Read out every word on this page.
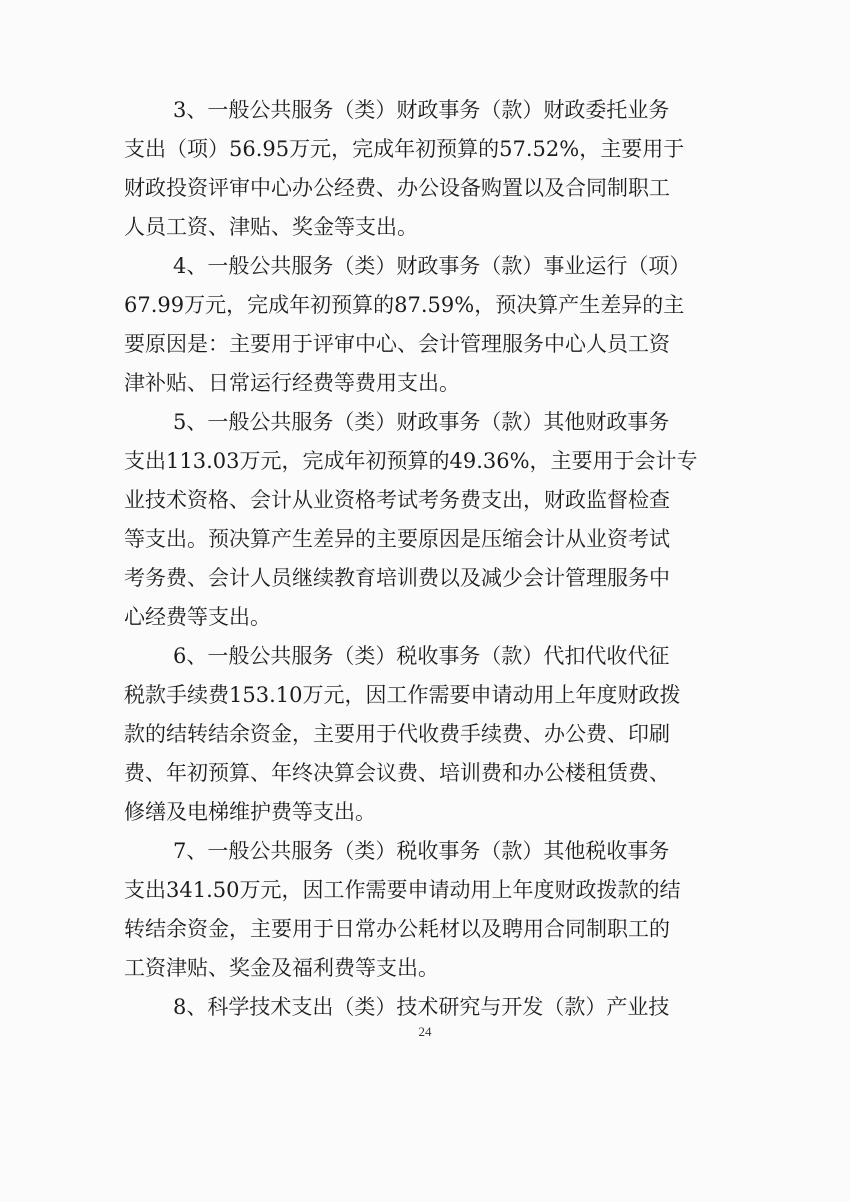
3、一般公共服务（类）财政事务（款）财政委托业务

支出（项）56.95万元，完成年初预算的57.52%，主要用于

财政投资评审中心办公经费、办公设备购置以及合同制职工

人员工资、津贴、奖金等支出。

4、一般公共服务（类）财政事务（款）事业运行（项）

67.99万元，完成年初预算的87.59%，预决算产生差异的主

要原因是：主要用于评审中心、会计管理服务中心人员工资

津补贴、日常运行经费等费用支出。

5、一般公共服务（类）财政事务（款）其他财政事务

支出113.03万元，完成年初预算的49.36%，主要用于会计专

业技术资格、会计从业资格考试考务费支出，财政监督检查

等支出。预决算产生差异的主要原因是压缩会计从业资考试

考务费、会计人员继续教育培训费以及减少会计管理服务中

心经费等支出。

6、一般公共服务（类）税收事务（款）代扣代收代征

税款手续费153.10万元，因工作需要申请动用上年度财政拨

款的结转结余资金，主要用于代收费手续费、办公费、印刷

费、年初预算、年终决算会议费、培训费和办公楼租赁费、

修缮及电梯维护费等支出。

7、一般公共服务（类）税收事务（款）其他税收事务

支出341.50万元，因工作需要申请动用上年度财政拨款的结

转结余资金，主要用于日常办公耗材以及聘用合同制职工的

工资津贴、奖金及福利费等支出。

8、科学技术支出（类）技术研究与开发（款）产业技

24
